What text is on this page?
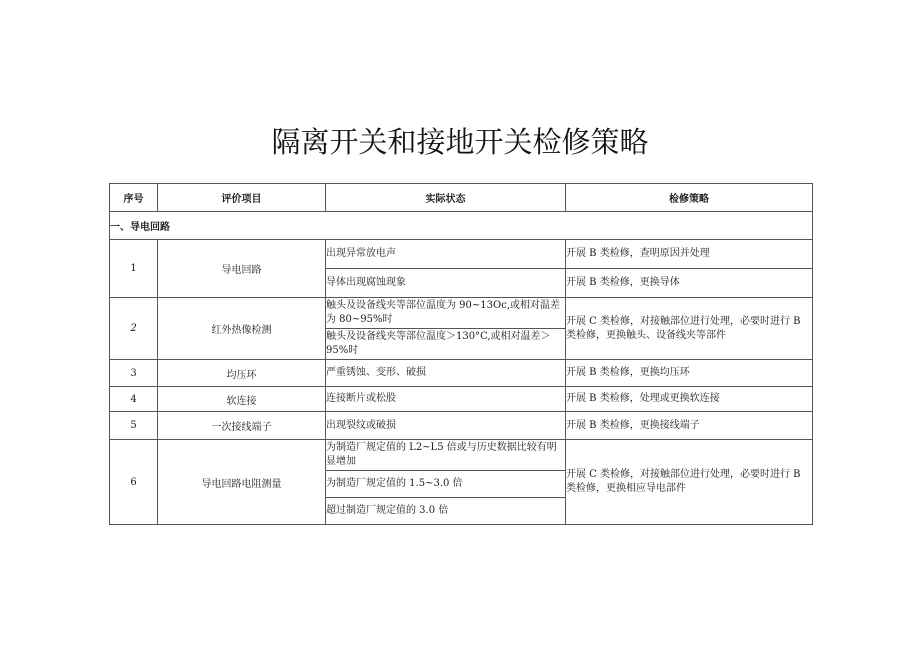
隔离开关和接地开关检修策略
序号	评价项目	实际状态	检修策略
一、导电回路			
1	导电回路	出现异常放电声	开展 B 类检修，查明原因并处理
		导体出现腐蚀现象	开展 B 类检修，更换导体
2	红外热像检测	触头及设备线夹等部位温度为 90~13Oc,或相对温差为 80~95%时	开展 C 类检修，对接触部位进行处理，必要时进行 B 类检修，更换触头、设备线夹等部件
		触头及设备线夹等部位温度＞130°C,或相对温差＞95%时	
3	均压环	严重锈蚀、变形、破损	开展 B 类检修，更换均压环
4	软连接	连接断片或松股	开展 B 类检修，处理或更换软连接
5	一次接线端子	出现裂纹或破损	开展 B 类检修，更换接线端子
6	导电回路电阻测量	为制造厂规定值的 L2~L5 倍或与历史数据比较有明显增加	开展 C 类检修，对接触部位进行处理，必要时进行 B 类检修，更换相应导电部件
		为制造厂规定值的 1.5~3.0 倍	
		超过制造厂规定值的 3.0 倍	
